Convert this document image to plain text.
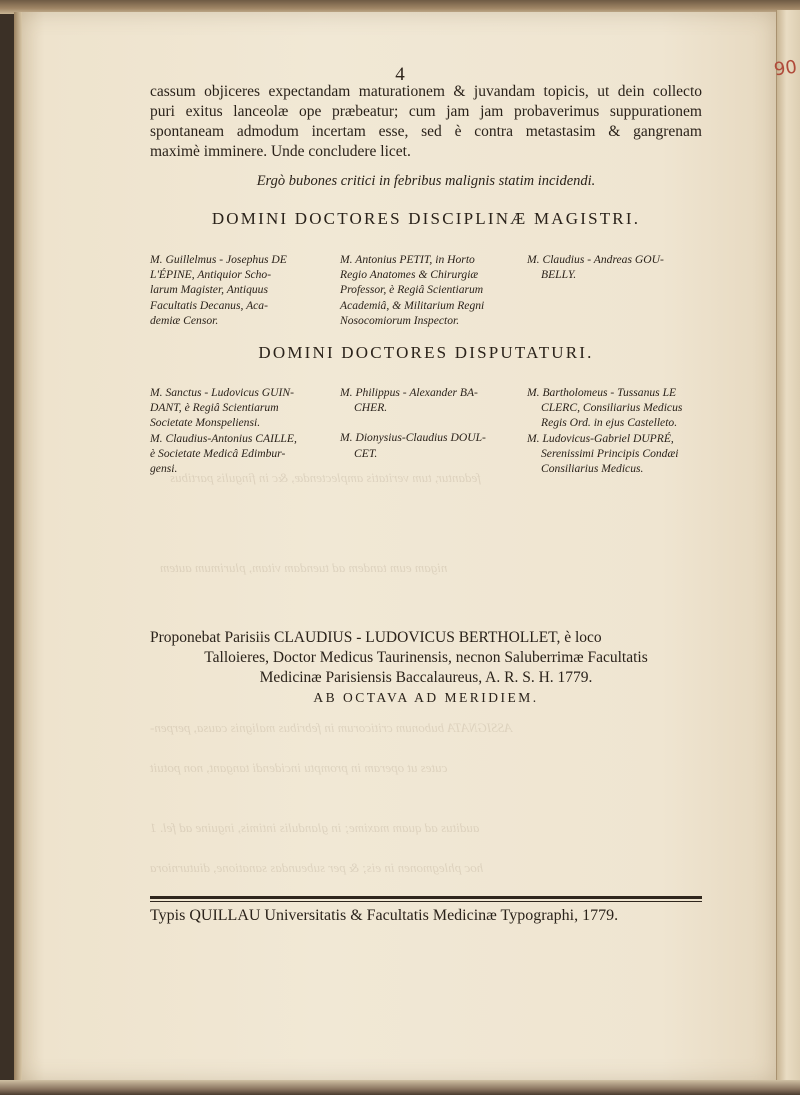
90
fedantur, tum veritatis amplectendæ, &c in fingulis partibus
nigam eum tandem ad tuendam vitam, plurimum autem
ASSIGNATA bubonum criticorum in febribus malignis causa, perpen-
cutes ut operam in promptu incidendi tangant, non potuit
auditus ad quam maxime; in glandulis intimis, inguine ad fel. 1
hoc phlegmonen in eis; & per subeundas sanatione, diuturniora
4
cassum objiceres expectandam maturationem & juvandam topicis, ut dein collecto
puri exitus lanceolæ ope præbeatur; cum jam jam probaverimus suppurationem
spontaneam admodum incertam esse, sed è contra metastasim & gangrenam
maximè imminere. Unde concludere licet.
Ergò bubones critici in febribus malignis statim incidendi.
DOMINI DOCTORES DISCIPLINÆ MAGISTRI.
M. Guillelmus - Josephus DE
L'ÉPINE, Antiquior Scho-
larum Magister, Antiquus
Facultatis Decanus, Aca-
demiæ Censor.
M. Antonius PETIT, in Horto
Regio Anatomes & Chirurgiæ
Professor, è Regiâ Scientiarum
Academiâ, & Militarium Regni
Nosocomiorum Inspector.
M. Claudius - Andreas GOU-
BELLY.
DOMINI DOCTORES DISPUTATURI.
M. Sanctus - Ludovicus GUIN-
DANT, è Regiâ Scientiarum
Societate Monspeliensi.
M. Claudius-Antonius CAILLE,
è Societate Medicâ Edimbur-
gensi.
M. Philippus - Alexander BA-
CHER.
M. Dionysius-Claudius DOUL-
CET.
M. Bartholomeus - Tussanus LE
CLERC, Consiliarius Medicus
Regis Ord. in ejus Castelleto.
M. Ludovicus-Gabriel DUPRÉ,
Serenissimi Principis Condæi
Consiliarius Medicus.
Proponebat Parisiis CLAUDIUS - LUDOVICUS BERTHOLLET, è loco
Talloieres, Doctor Medicus Taurinensis, necnon Saluberrimæ Facultatis
Medicinæ Parisiensis Baccalaureus, A. R. S. H. 1779.
AB OCTAVA AD MERIDIEM.
Typis QUILLAU Universitatis & Facultatis Medicinæ Typographi, 1779.
